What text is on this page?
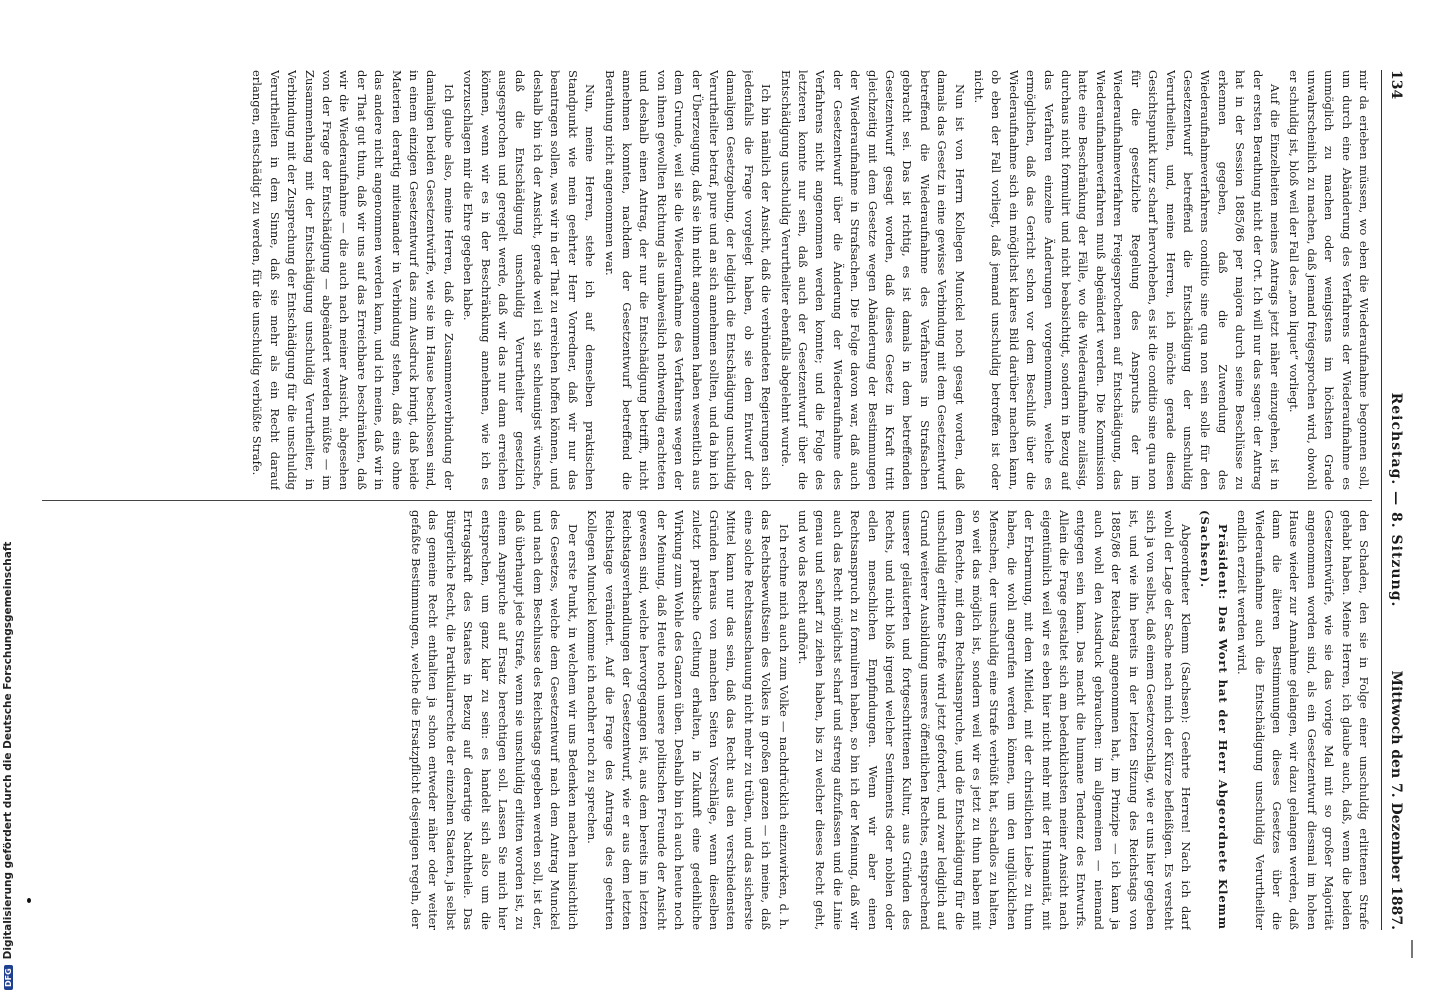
134
Reichstag. — 8. Sitzung.
Mittwoch den 7. Dezember 1887.

mir da erieben müssen, wo eben die Wiederaufnahme begonnen soll, um durch eine Abänderung des Verfahrens der Wiederaufnahme es unmöglich zu machen oder wenigstens im höchsten Grade unwahrscheinlich zu machen, daß jemand freigesprochen wird, obwohl er schuldig ist, bloß weil der Fall des „non liquet“ vorliegt.

Auf die Einzelheiten meines Antrags jetzt näher einzugehen, ist in der ersten Berathung nicht der Ort. Ich will nur das sagen: der Antrag hat in der Session 1885/86 per majora durch seine Beschlüsse zu erkennen gegeben, daß die Zuwendung des Wiederaufnahmeverfahrens conditio sine qua non sein solle für den Gesetzentwurf betreffend die Entschädigung der unschuldig Verurtheilten, und, meine Herren, ich möchte gerade diesen Gesichtspunkt kurz scharf hervorheben, es ist die conditio sine qua non für die gesetzliche Regelung des Anspruchs der im Wiederaufnahmeverfahren Freigesprochenen auf Entschädigung, das Wiederaufnahmeverfahren muß abgeändert werden. Die Kommission hatte eine Beschränkung der Fälle, wo die Wiederaufnahme zulässig, durchaus nicht formulirt und nicht beabsichtigt, sondern in Bezug auf das Verfahren einzelne Änderungen vorgenommen, welche es ermöglichen, daß das Gericht schon vor dem Beschluß über die Wiederaufnahme sich ein möglichst klares Bild darüber machen kann, ob eben der Fall vorliegt, daß jemand unschuldig betroffen ist oder nicht.

Nun ist von Herrn Kollegen Munckel noch gesagt worden, daß damals das Gesetz in eine gewisse Verbindung mit dem Gesetzentwurf betreffend die Wiederaufnahme des Verfahrens in Strafsachen gebracht sei. Das ist richtig, es ist damals in dem betreffenden Gesetzentwurf gesagt worden, daß dieses Gesetz in Kraft tritt gleichzeitig mit dem Gesetze wegen Abänderung der Bestimmungen der Wiederaufnahme in Strafsachen. Die Folge davon war, daß auch der Gesetzentwurf über die Änderung der Wiederaufnahme des Verfahrens nicht angenommen werden konnte; und die Folge des letzteren konnte nur sein, daß auch der Gesetzentwurf über die Entschädigung unschuldig Verurtheilter ebenfalls abgelehnt wurde.

Ich bin nämlich der Ansicht, daß die verbündeten Regierungen sich jedenfalls die Frage vorgelegt haben, ob sie dem Entwurf der damaligen Gesetzgebung, der lediglich die Entschädigung unschuldig Verurtheilter betraf, pure und an sich annehmen sollten, und da bin ich der Überzeugung, daß sie ihn nicht angenommen haben wesentlich aus dem Grunde, weil sie die Wiederaufnahme des Verfahrens wegen der von ihnen gewollten Richtung als unabweislich nothwendig erachteten und deshalb einen Antrag, der nur die Entschädigung betrifft, nicht annehmen konnten, nachdem der Gesetzentwurf betreffend die Berathung nicht angenommen war.

Nun, meine Herren, stehe ich auf demselben praktischen Standpunkt wie mein geehrter Herr Vorredner, daß wir nur das beantragen sollen, was wir in der That zu erreichen hoffen können, und deshalb bin ich der Ansicht, gerade weil ich sie schleunigst wünsche, daß die Entschädigung unschuldig Verurtheilter gesetzlich ausgesprochen und geregelt werde, daß wir das nur dann erreichen können, wenn wir es in der Beschränkung annehmen, wie ich es vorzuschlagen mir die Ehre gegeben habe.

Ich glaube also, meine Herren, daß die Zusammenverbindung der damaligen beiden Gesetzentwürfe, wie sie im Hause beschlossen sind, in einem einzigen Gesetzentwurf das zum Ausdruck bringt, daß beide Materien derartig miteinander in Verbindung stehen, daß eins ohne das andere nicht angenommen werden kann, und ich meine, daß wir in der That gut thun, daß wir uns auf das Erreichbare beschränken, daß wir die Wiederaufnahme — die auch nach meiner Ansicht, abgesehen von der Frage der Entschädigung — abgeändert werden müßte — im Zusammenhang mit der Entschädigung unschuldig Verurtheilter, in Verbindung mit der Zusprechung der Entschädigung für die unschuldig Verurtheilten in dem Sinne, daß sie mehr als ein Recht darauf erlangen, entschädigt zu werden, für die unschuldig verbüßte Strafe.

den Schaden, den sie in Folge einer unschuldig erlittenen Strafe gehabt haben. Meine Herren, ich glaube auch, daß, wenn die beiden Gesetzentwürfe, wie sie das vorige Mal mit so großer Majorität angenommen worden sind, als ein Gesetzentwurf diesmal im hohen Hause wieder zur Annahme gelangen, wir dazu gelangen werden, daß dann die älteren Bestimmungen dieses Gesetzes über die Wiederaufnahme auch die Entschädigung unschuldig Verurtheilter endlich erzielt werden wird.

Präsident: Das Wort hat der Herr Abgeordnete Klemm (Sachsen).

Abgeordneter Klemm (Sachsen): Geehrte Herren! Nach ich darf wohl der Lage der Sache nach mich der Kürze befleißigen. Es versteht sich ja von selbst, daß einem Gesetzvorschlag, wie er uns hier gegeben ist, und wie ihn bereits in der letzten Sitzung des Reichstags von 1885/86 der Reichstag angenommen hat, im Prinzipe — ich kann ja auch wohl den Ausdruck gebrauchen: im allgemeinen — niemand entgegen sein kann. Das macht die humane Tendenz des Entwurfs. Allein die Frage gestaltet sich am bedenklichsten meiner Ansicht nach eigentümlich weil wir es eben hier nicht mehr mit der Humanität, mit der Erbarmung, mit dem Mitleid, mit der christlichen Liebe zu thun haben, die wohl angerufen werden können, um den unglücklichen Menschen, der unschuldig eine Strafe verbüßt hat, schadlos zu halten, so weit das möglich ist, sondern weil wir es jetzt zu thun haben mit dem Rechte, mit dem Rechtsanspruche, und die Entschädigung für die unschuldig erlittene Strafe wird jetzt gefordert, und zwar lediglich auf Grund weiterer Ausbildung unseres öffentlichen Rechtes, entsprechend unserer geläuterten und fortgeschrittenen Kultur, aus Gründen des Rechts, und nicht bloß irgend welcher Sentiments oder noblen oder edlen menschlichen Empfindungen. Wenn wir aber einen Rechtsanspruch zu formuliren haben, so bin ich der Meinung, daß wir auch das Recht möglichst scharf und streng aufzufassen und die Linie genau und scharf zu ziehen haben, bis zu welcher dieses Recht geht, und wo das Recht aufhört.

Ich rechne mich auch zum Volke — nachdrücklich einzuwirken, d. h. das Rechtsbewußtsein des Volkes in großen ganzen — ich meine, daß eine solche Rechtsanschauung nicht mehr zu trüben, und das sicherste Mittel kann nur das sein, daß das Recht aus den verschiedensten Gründen heraus von manchen Seiten Vorschläge, wenn dieselben zuletzt praktische Geltung erhalten, in Zukunft eine gedeihliche Wirkung zum Wohle des Ganzen üben. Deshalb bin ich auch heute noch der Meinung, daß Heute noch unsere politischen Freunde der Ansicht gewesen sind, welche hervorgegangen ist, aus dem bereits im letzten Reichstagsverhandlungen der Gesetzentwurf, wie er aus dem letzten Reichstage verändert. Auf die Frage des Antrags des geehrten Kollegen Munckel komme ich nachher noch zu sprechen.

Der erste Punkt, in welchem wir uns Bedenken machen hinsichtlich des Gesetzes, welche dem Gesetzentwurf nach dem Antrag Munckel und nach dem Beschlusse des Reichstags gegeben werden soll, ist der, daß überhaupt jede Strafe, wenn sie unschuldig erlitten worden ist, zu einem Anspruche auf Ersatz berechtigen soll. Lassen Sie mich hier entsprechen, um ganz klar zu sein: es handelt sich also um die Ertragskraft des Staates in Bezug auf derartige Nachtheile. Das Bürgerliche Recht, die Partikularrechte der einzelnen Staaten, ja selbst das gemeine Recht enthalten ja schon entweder näher oder weiter gefaßte Bestimmungen, welche die Ersatzpflicht desjenigen regeln, der

DFGDigitalisierung gefördert durch die Deutsche Forschungsgemeinschaft
